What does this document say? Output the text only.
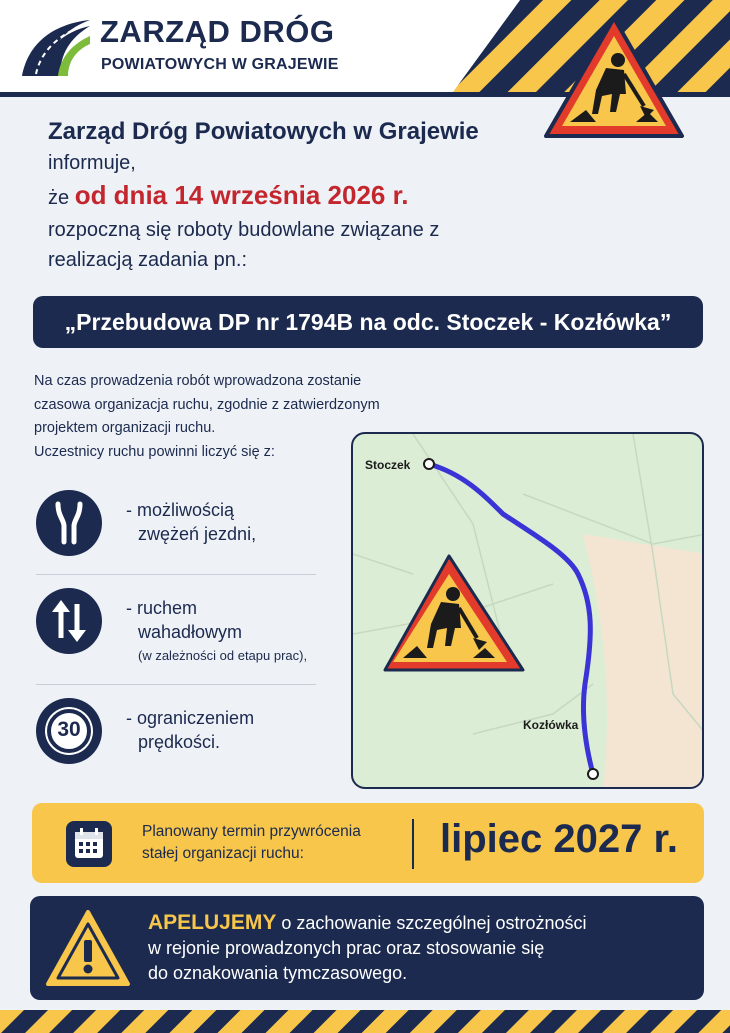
ZARZĄD DRÓG
POWIATOWYCH W GRAJEWIE
Zarząd Dróg Powiatowych w Grajewie
informuje,
że od dnia 14 września 2026 r.
rozpoczną się roboty budowlane związane z
realizacją zadania pn.:
„Przebudowa DP nr 1794B na odc. Stoczek - Kozłówka”
Na czas prowadzenia robót wprowadzona zostanie
czasowa organizacja ruchu, zgodnie z zatwierdzonym
projektem organizacji ruchu.
Uczestnicy ruchu powinni liczyć się z:
- możliwością
zwężeń jezdni,
- ruchem
wahadłowym
(w zależności od etapu prac),
30	- ograniczeniem
prędkości.
Stoczek
Kozłówka
Planowany termin przywrócenia
stałej organizacji ruchu:	lipiec 2027 r.
APELUJEMY o zachowanie szczególnej ostrożności
w rejonie prowadzonych prac oraz stosowanie się
do oznakowania tymczasowego.
